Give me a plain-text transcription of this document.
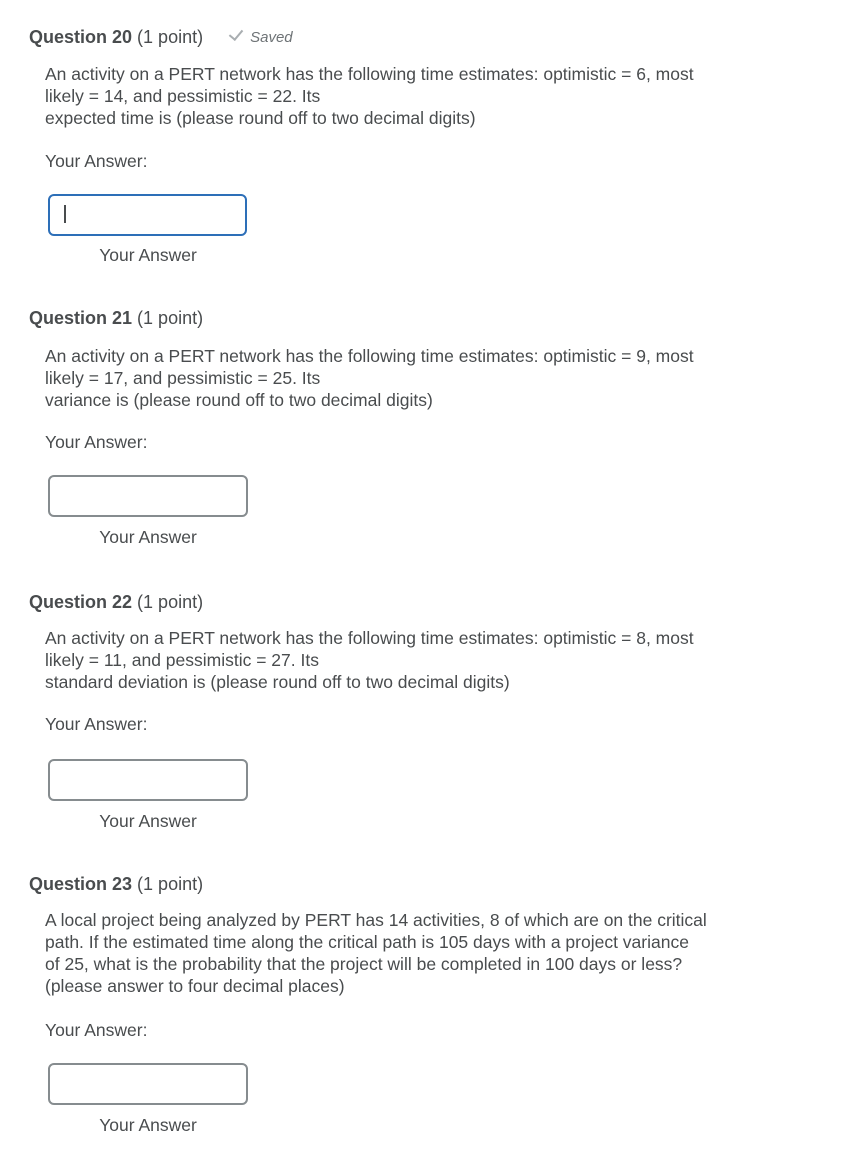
Question 20 (1 point)	Saved
An activity on a PERT network has the following time estimates: optimistic = 6, most
likely = 14, and pessimistic = 22. Its
expected time is (please round off to two decimal digits)
Your Answer:
Your Answer
Question 21 (1 point)
An activity on a PERT network has the following time estimates: optimistic = 9, most
likely = 17, and pessimistic = 25. Its
variance is (please round off to two decimal digits)
Your Answer:
Your Answer
Question 22 (1 point)
An activity on a PERT network has the following time estimates: optimistic = 8, most
likely = 11, and pessimistic = 27. Its
standard deviation is (please round off to two decimal digits)
Your Answer:
Your Answer
Question 23 (1 point)
A local project being analyzed by PERT has 14 activities, 8 of which are on the critical
path. If the estimated time along the critical path is 105 days with a project variance
of 25, what is the probability that the project will be completed in 100 days or less?
(please answer to four decimal places)
Your Answer:
Your Answer
